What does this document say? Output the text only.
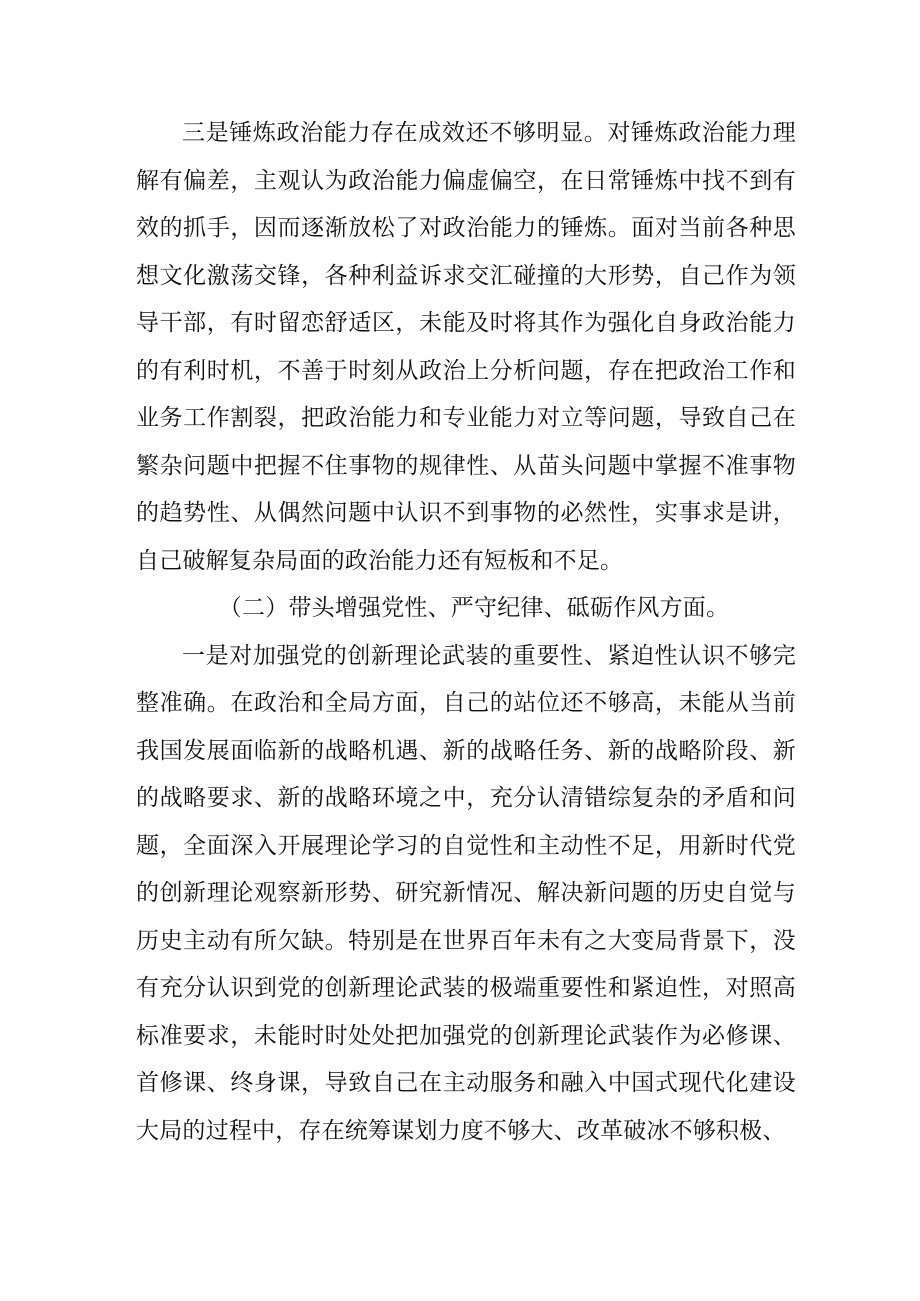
三是锤炼政治能力存在成效还不够明显。对锤炼政治能力理解有偏差，主观认为政治能力偏虚偏空，在日常锤炼中找不到有效的抓手，因而逐渐放松了对政治能力的锤炼。面对当前各种思想文化激荡交锋，各种利益诉求交汇碰撞的大形势，自己作为领导干部，有时留恋舒适区，未能及时将其作为强化自身政治能力的有利时机，不善于时刻从政治上分析问题，存在把政治工作和业务工作割裂，把政治能力和专业能力对立等问题，导致自己在繁杂问题中把握不住事物的规律性、从苗头问题中掌握不准事物的趋势性、从偶然问题中认识不到事物的必然性，实事求是讲，自己破解复杂局面的政治能力还有短板和不足。

（二）带头增强党性、严守纪律、砥砺作风方面。

一是对加强党的创新理论武装的重要性、紧迫性认识不够完整准确。在政治和全局方面，自己的站位还不够高，未能从当前我国发展面临新的战略机遇、新的战略任务、新的战略阶段、新的战略要求、新的战略环境之中，充分认清错综复杂的矛盾和问题，全面深入开展理论学习的自觉性和主动性不足，用新时代党的创新理论观察新形势、研究新情况、解决新问题的历史自觉与历史主动有所欠缺。特别是在世界百年未有之大变局背景下，没有充分认识到党的创新理论武装的极端重要性和紧迫性，对照高标准要求，未能时时处处把加强党的创新理论武装作为必修课、首修课、终身课，导致自己在主动服务和融入中国式现代化建设大局的过程中，存在统筹谋划力度不够大、改革破冰不够积极、
